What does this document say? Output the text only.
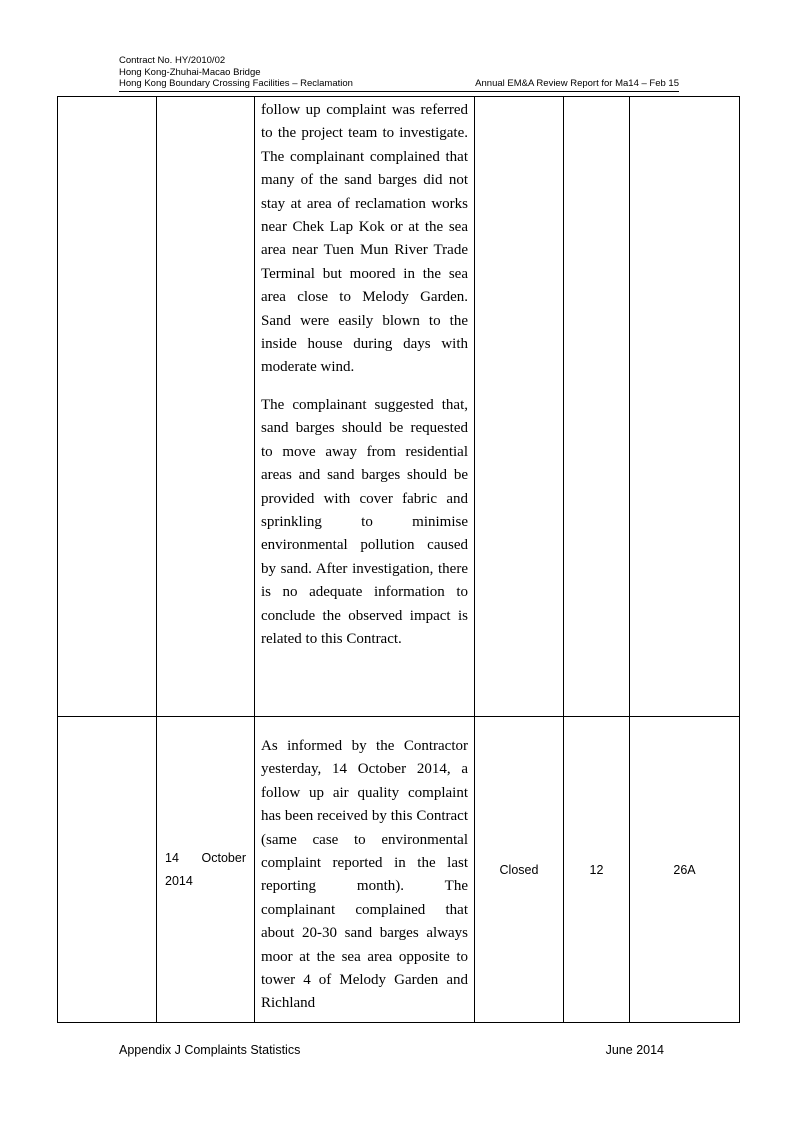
Contract No. HY/2010/02
Hong Kong-Zhuhai-Macao Bridge
Hong Kong Boundary Crossing Facilities – Reclamation	Annual EM&A Review Report for Ma14 – Feb 15

		follow up complaint was referred to the project team to investigate. The complainant complained that many of the sand barges did not stay at area of reclamation works near Chek Lap Kok or at the sea area near Tuen Mun River Trade Terminal but moored in the sea area close to Melody Garden. Sand were easily blown to the inside house during days with moderate wind.

The complainant suggested that, sand barges should be requested to move away from residential areas and sand barges should be provided with cover fabric and sprinkling to minimise environmental pollution caused by sand. After investigation, there is no adequate information to conclude the observed impact is related to this Contract.			

	14 October 2014	As informed by the Contractor yesterday, 14 October 2014, a follow up air quality complaint has been received by this Contract (same case to environmental complaint reported in the last reporting month). The complainant complained that about 20-30 sand barges always moor at the sea area opposite to tower 4 of Melody Garden and Richland	Closed	12	26A
Appendix J Complaints Statistics	June 2014
